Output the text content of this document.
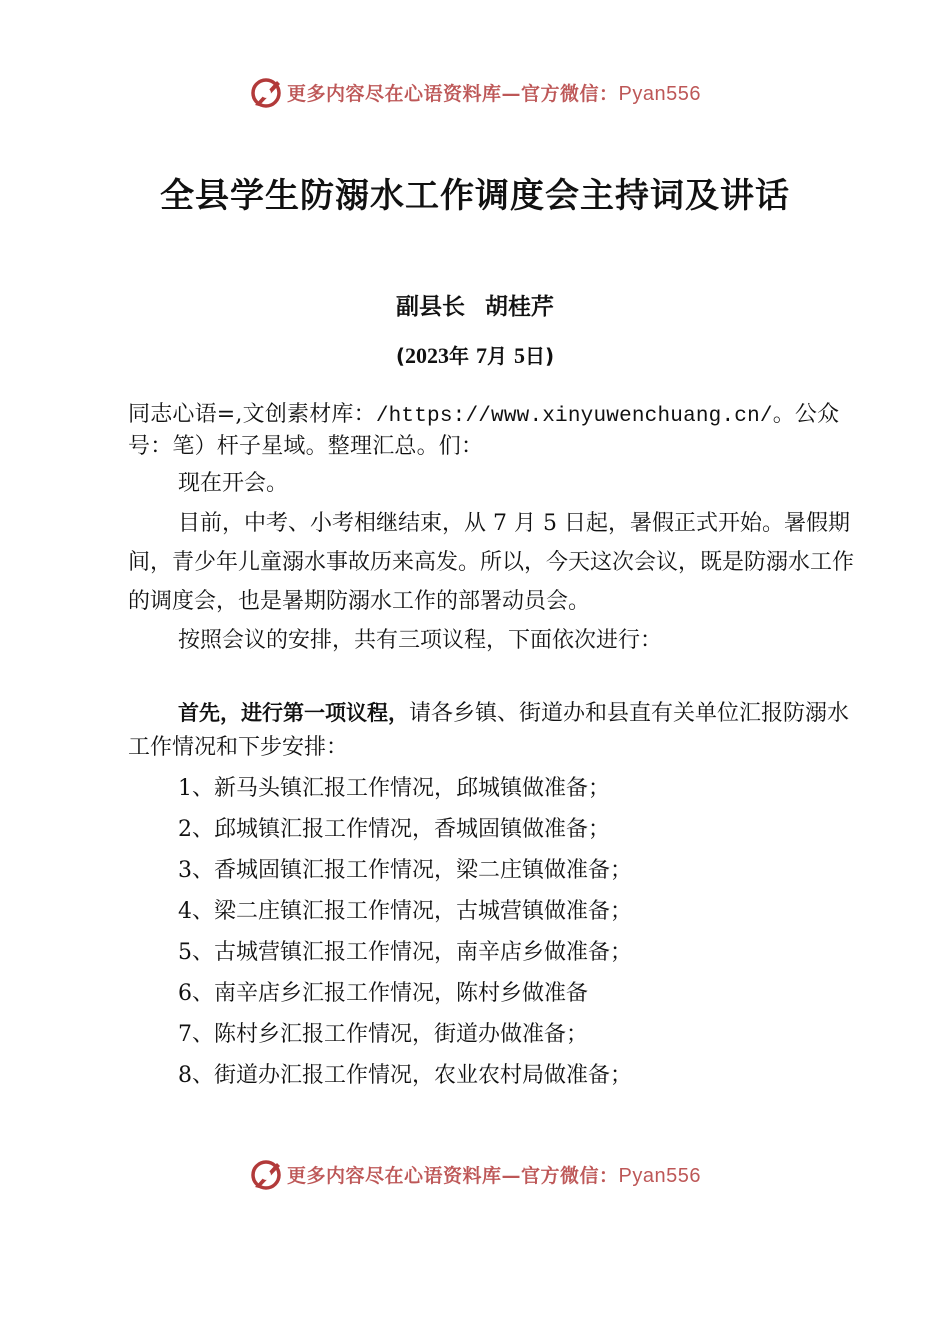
更多内容尽在心语资料库—官方微信：Pyan556
全县学生防溺水工作调度会主持词及讲话
副县长 胡桂芹
(2023年 7月 5日)

同志心语=,文创素材库：/https://www.xinyuwenchuang.cn/。公众号：笔）杆子星域。整理汇总。们：

现在开会。

目前，中考、小考相继结束，从 7 月 5 日起，暑假正式开始。暑假期间，青少年儿童溺水事故历来高发。所以，今天这次会议，既是防溺水工作的调度会，也是暑期防溺水工作的部署动员会。

按照会议的安排，共有三项议程，下面依次进行：

首先，进行第一项议程，请各乡镇、街道办和县直有关单位汇报防溺水工作情况和下步安排：

1、新马头镇汇报工作情况，邱城镇做准备；

2、邱城镇汇报工作情况，香城固镇做准备；

3、香城固镇汇报工作情况，梁二庄镇做准备；

4、梁二庄镇汇报工作情况，古城营镇做准备；

5、古城营镇汇报工作情况，南辛店乡做准备；

6、南辛店乡汇报工作情况，陈村乡做准备

7、陈村乡汇报工作情况，街道办做准备；

8、街道办汇报工作情况，农业农村局做准备；

更多内容尽在心语资料库—官方微信：Pyan556
